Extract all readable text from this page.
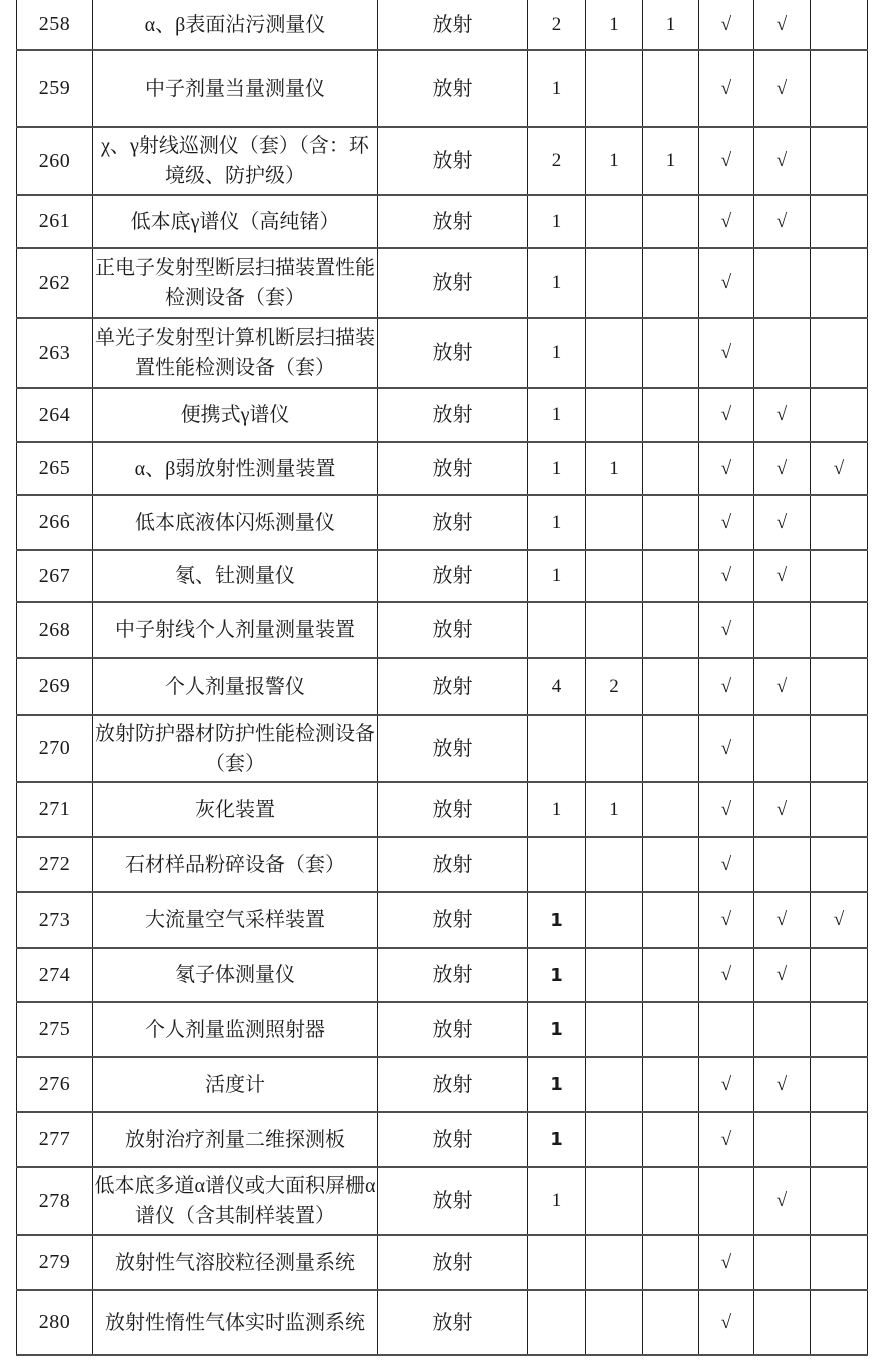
258	α、β表面沾污测量仪	放射	2	1	1	√	√	
259	中子剂量当量测量仪	放射	1			√	√	
260	χ、γ射线巡测仪（套）（含：环境级、防护级）	放射	2	1	1	√	√	
261	低本底γ谱仪（高纯锗）	放射	1			√	√	
262	正电子发射型断层扫描装置性能检测设备（套）	放射	1			√		
263	单光子发射型计算机断层扫描装置性能检测设备（套）	放射	1			√		
264	便携式γ谱仪	放射	1			√	√	
265	α、β弱放射性测量装置	放射	1	1		√	√	√
266	低本底液体闪烁测量仪	放射	1			√	√	
267	氡、钍测量仪	放射	1			√	√	
268	中子射线个人剂量测量装置	放射				√		
269	个人剂量报警仪	放射	4	2		√	√	
270	放射防护器材防护性能检测设备（套）	放射				√		
271	灰化装置	放射	1	1		√	√	
272	石材样品粉碎设备（套）	放射				√		
273	大流量空气采样装置	放射	1			√	√	√
274	氡子体测量仪	放射	1			√	√	
275	个人剂量监测照射器	放射	1					
276	活度计	放射	1			√	√	
277	放射治疗剂量二维探测板	放射	1			√		
278	低本底多道α谱仪或大面积屏栅α谱仪（含其制样装置）	放射	1				√	
279	放射性气溶胶粒径测量系统	放射				√		
280	放射性惰性气体实时监测系统	放射				√		
